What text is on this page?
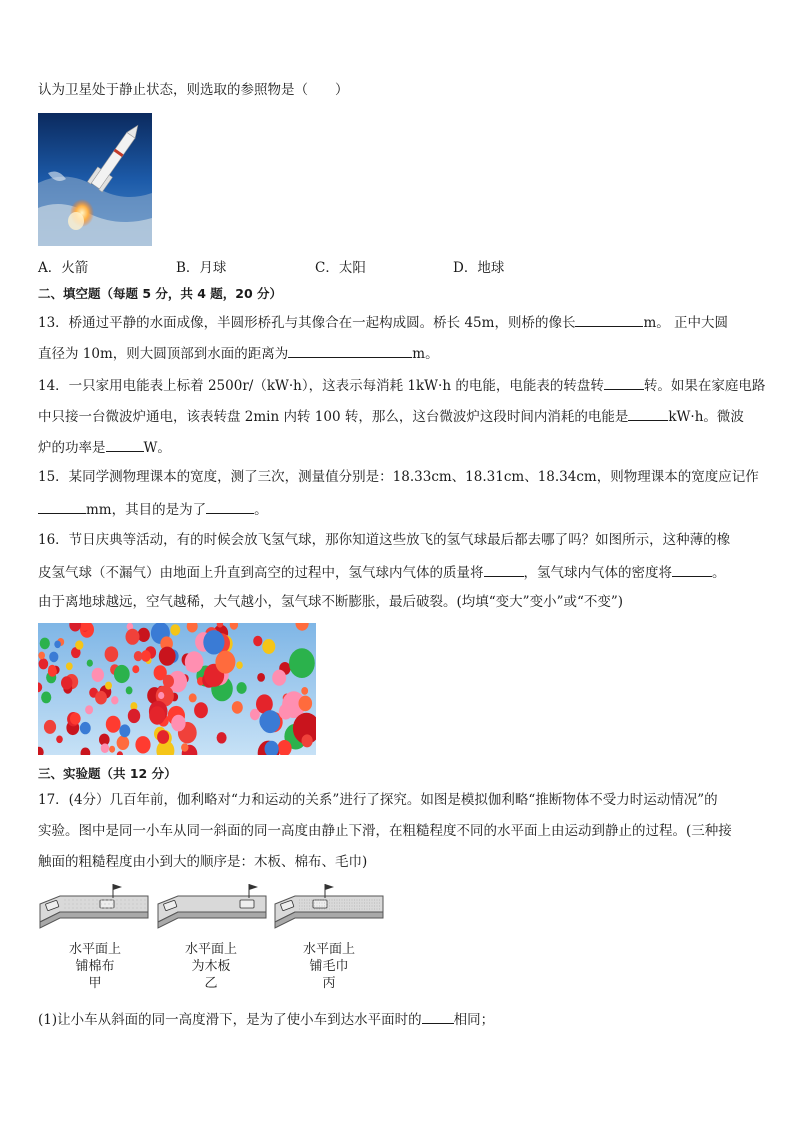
认为卫星处于静止状态，则选取的参照物是（　　）
A．火箭	B．月球	C．太阳	D．地球
二、填空题（每题 5 分，共 4 题，20 分）
13．桥通过平静的水面成像，半圆形桥孔与其像合在一起构成圆。桥长 45m，则桥的像长	m。 正中大圆
直径为 10m，则大圆顶部到水面的距离为	m。
14．一只家用电能表上标着 2500r/（kW·h），这表示每消耗 1kW·h 的电能，电能表的转盘转	转。如果在家庭电路
中只接一台微波炉通电，该表转盘 2min 内转 100 转，那么，这台微波炉这段时间内消耗的电能是	kW·h。微波
炉的功率是	W。
15．某同学测物理课本的宽度，测了三次，测量值分别是：18.33cm、18.31cm、18.34cm，则物理课本的宽度应记作
mm，其目的是为了	。
16．节日庆典等活动，有的时候会放飞氢气球，那你知道这些放飞的氢气球最后都去哪了吗？如图所示，这种薄的橡
皮氢气球（不漏气）由地面上升直到高空的过程中，氢气球内气体的质量将	，氢气球内气体的密度将	。
由于离地球越远，空气越稀，大气越小，氢气球不断膨胀，最后破裂。(均填“变大”变小”或“不变”)
三、实验题（共 12 分）
17．(4分）几百年前，伽利略对“力和运动的关系”进行了探究。如图是模拟伽利略“推断物体不受力时运动情况”的
实验。图中是同一小车从同一斜面的同一高度由静止下滑，在粗糙程度不同的水平面上由运动到静止的过程。(三种接
触面的粗糙程度由小到大的顺序是：木板、棉布、毛巾)
水平面上
铺棉布
甲
水平面上
为木板
乙
水平面上
铺毛巾
丙
(1)让小车从斜面的同一高度滑下，是为了使小车到达水平面时的 相同；
